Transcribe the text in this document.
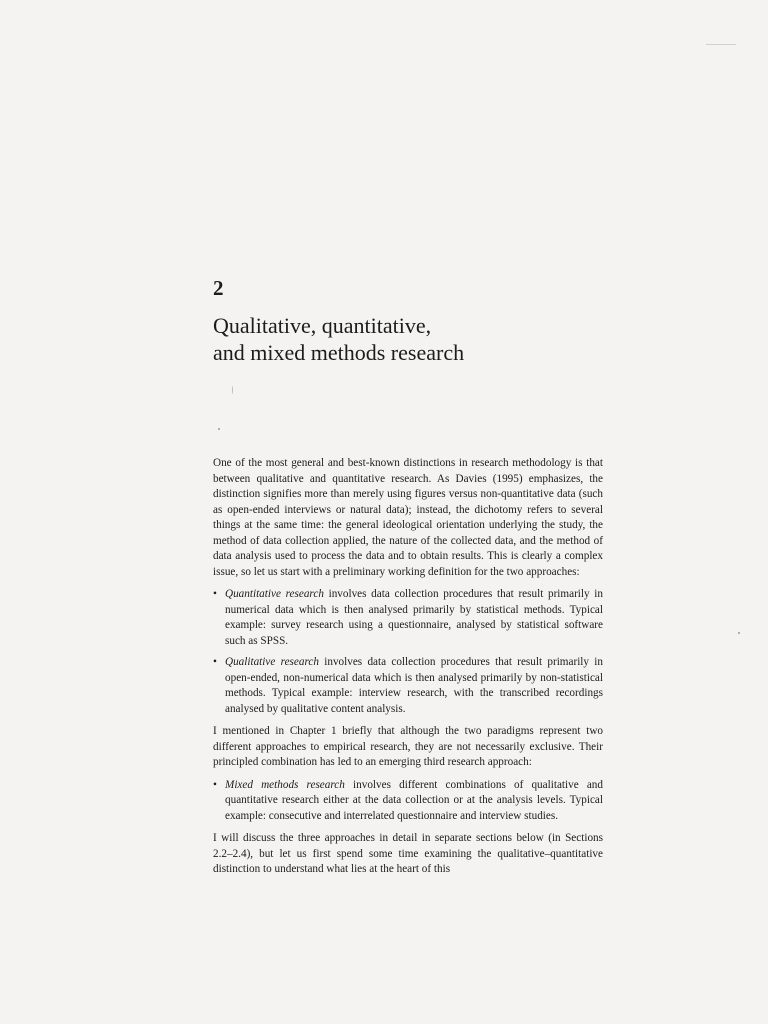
2
Qualitative, quantitative,
and mixed methods research

One of the most general and best-known distinctions in research methodology is that between qualitative and quantitative research. As Davies (1995) emphasizes, the distinction signifies more than merely using figures versus non-quantitative data (such as open-ended interviews or natural data); instead, the dichotomy refers to several things at the same time: the general ideological orientation underlying the study, the method of data collection applied, the nature of the collected data, and the method of data analysis used to process the data and to obtain results. This is clearly a complex issue, so let us start with a preliminary working definition for the two approaches:

• Quantitative research involves data collection procedures that result primarily in numerical data which is then analysed primarily by statistical methods. Typical example: survey research using a questionnaire, analysed by statistical software such as SPSS.
• Qualitative research involves data collection procedures that result primarily in open-ended, non-numerical data which is then analysed primarily by non-statistical methods. Typical example: interview research, with the transcribed recordings analysed by qualitative content analysis.

I mentioned in Chapter 1 briefly that although the two paradigms represent two different approaches to empirical research, they are not necessarily exclusive. Their principled combination has led to an emerging third research approach:

• Mixed methods research involves different combinations of qualitative and quantitative research either at the data collection or at the analysis levels. Typical example: consecutive and interrelated questionnaire and interview studies.

I will discuss the three approaches in detail in separate sections below (in Sections 2.2–2.4), but let us first spend some time examining the qualitative–quantitative distinction to understand what lies at the heart of this
